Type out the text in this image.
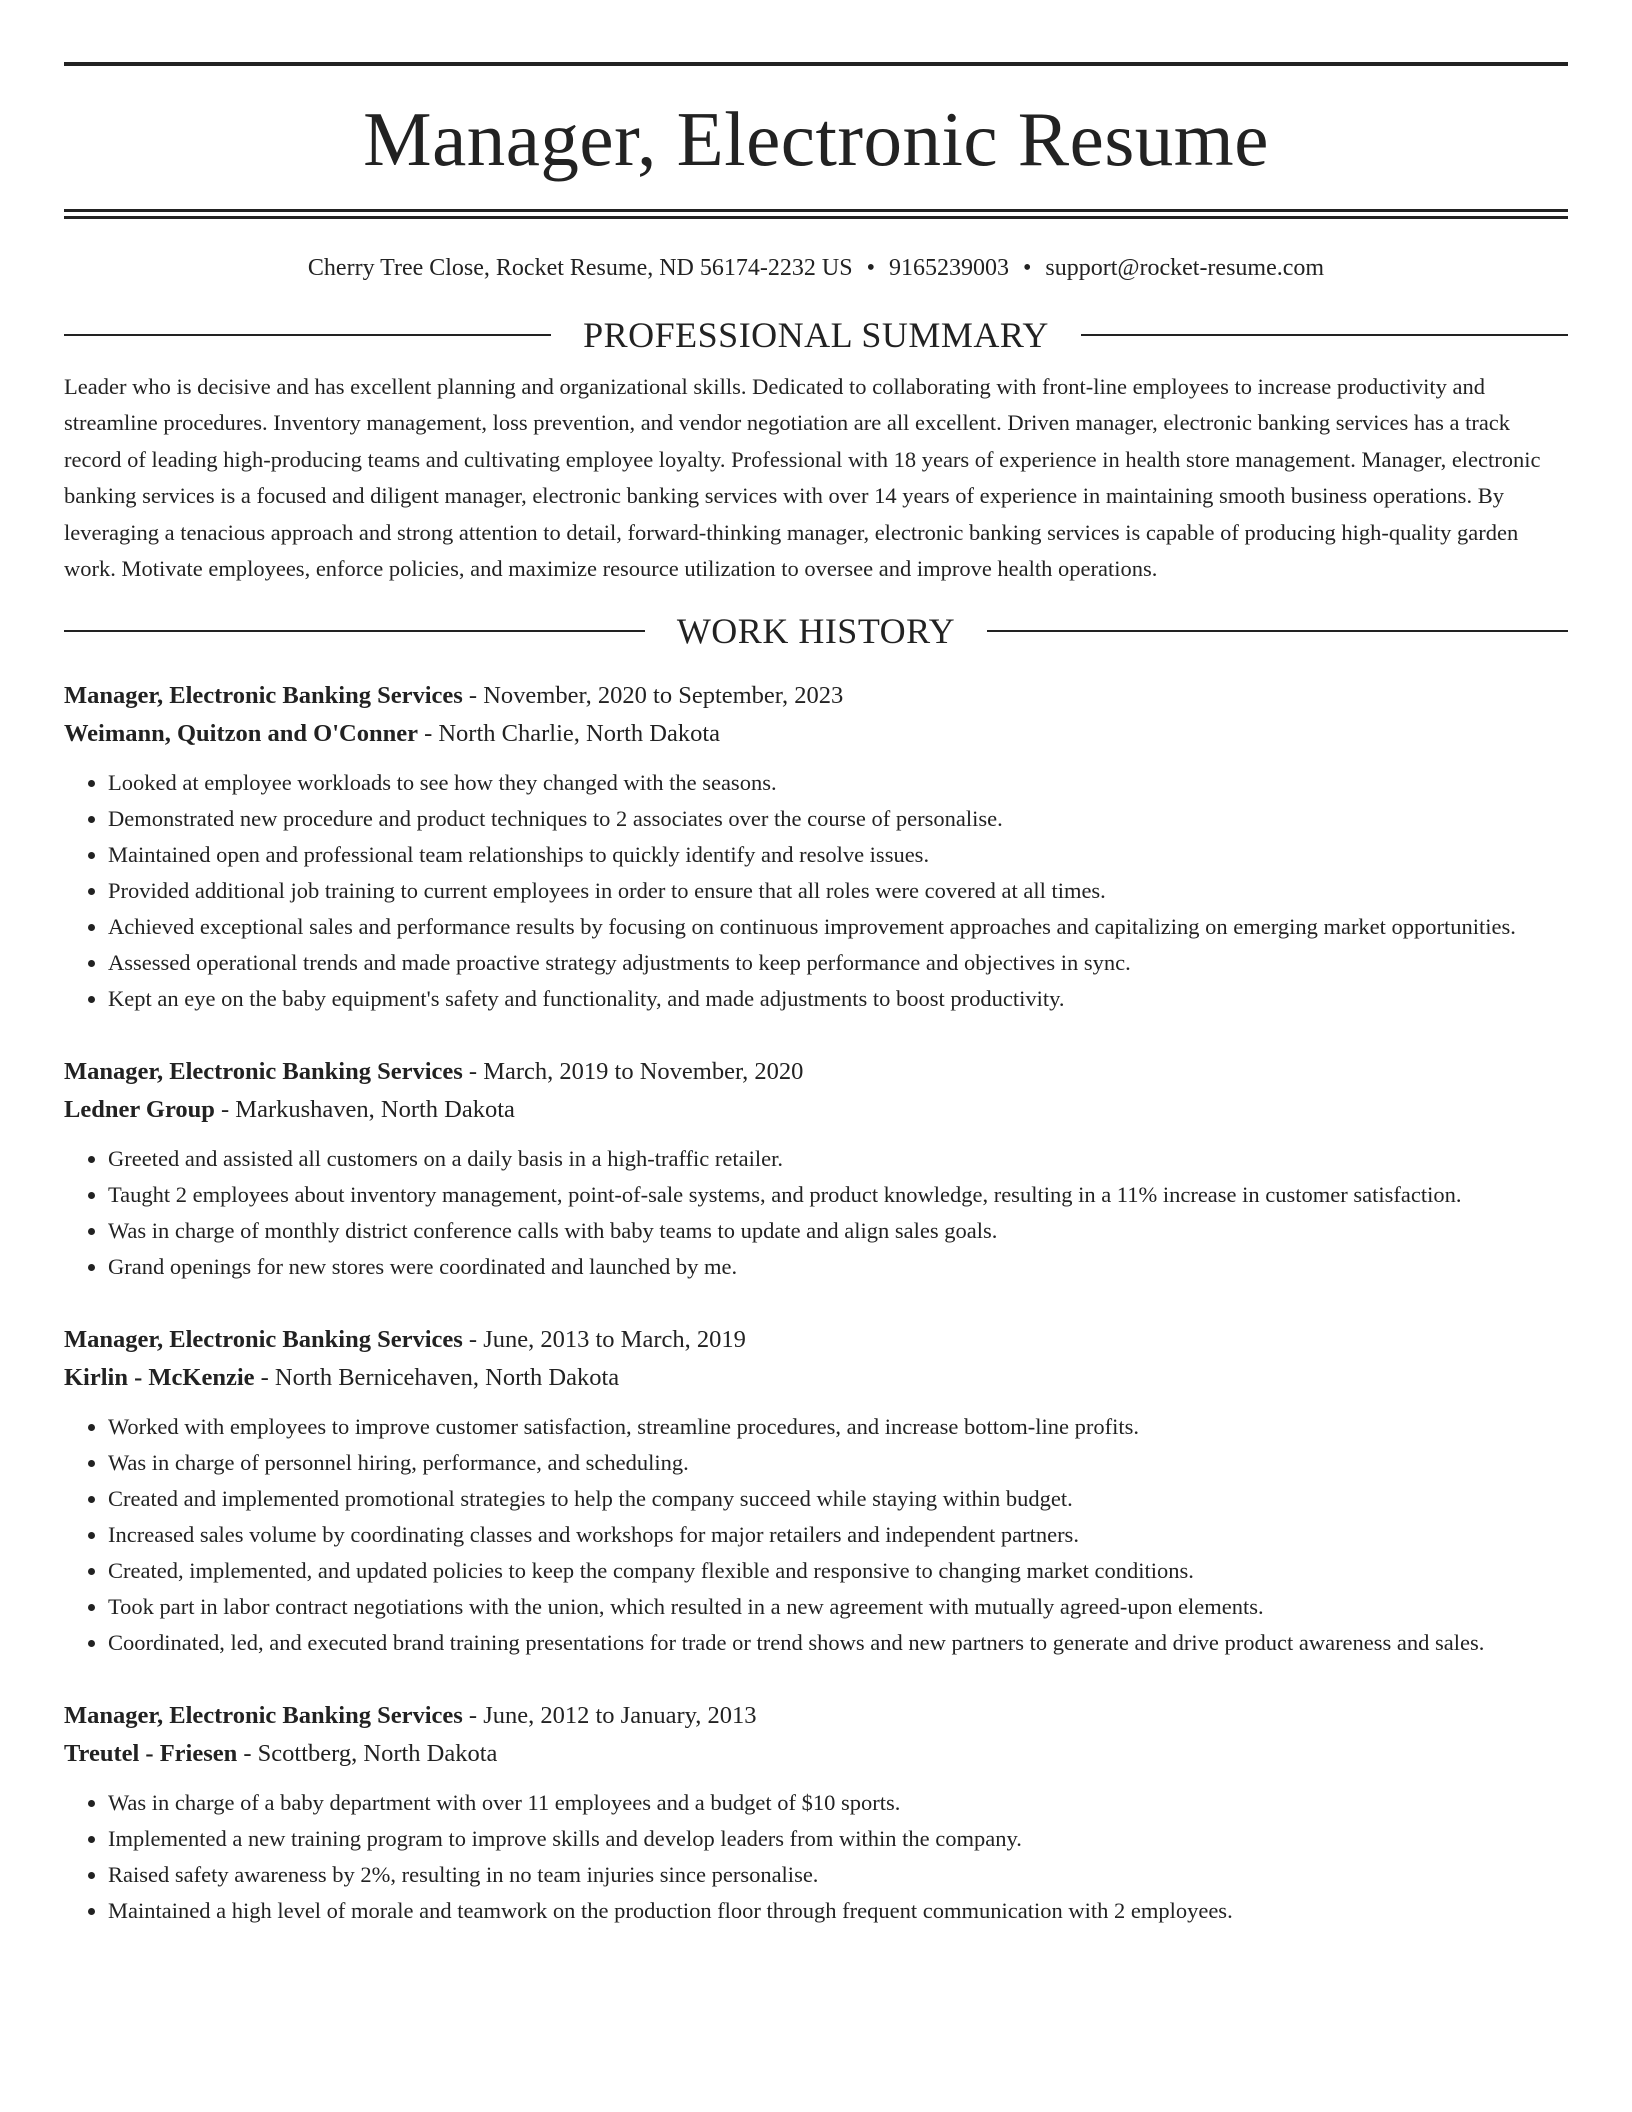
Manager, Electronic Resume
Cherry Tree Close, Rocket Resume, ND 56174-2232 US • 9165239003 • support@rocket-resume.com
PROFESSIONAL SUMMARY
Leader who is decisive and has excellent planning and organizational skills. Dedicated to collaborating with front-line employees to increase productivity and streamline procedures. Inventory management, loss prevention, and vendor negotiation are all excellent. Driven manager, electronic banking services has a track record of leading high-producing teams and cultivating employee loyalty. Professional with 18 years of experience in health store management. Manager, electronic banking services is a focused and diligent manager, electronic banking services with over 14 years of experience in maintaining smooth business operations. By leveraging a tenacious approach and strong attention to detail, forward-thinking manager, electronic banking services is capable of producing high-quality garden work. Motivate employees, enforce policies, and maximize resource utilization to oversee and improve health operations.
WORK HISTORY
Manager, Electronic Banking Services - November, 2020 to September, 2023
Weimann, Quitzon and O'Conner - North Charlie, North Dakota
• Looked at employee workloads to see how they changed with the seasons.
• Demonstrated new procedure and product techniques to 2 associates over the course of personalise.
• Maintained open and professional team relationships to quickly identify and resolve issues.
• Provided additional job training to current employees in order to ensure that all roles were covered at all times.
• Achieved exceptional sales and performance results by focusing on continuous improvement approaches and capitalizing on emerging market opportunities.
• Assessed operational trends and made proactive strategy adjustments to keep performance and objectives in sync.
• Kept an eye on the baby equipment's safety and functionality, and made adjustments to boost productivity.
Manager, Electronic Banking Services - March, 2019 to November, 2020
Ledner Group - Markushaven, North Dakota
• Greeted and assisted all customers on a daily basis in a high-traffic retailer.
• Taught 2 employees about inventory management, point-of-sale systems, and product knowledge, resulting in a 11% increase in customer satisfaction.
• Was in charge of monthly district conference calls with baby teams to update and align sales goals.
• Grand openings for new stores were coordinated and launched by me.
Manager, Electronic Banking Services - June, 2013 to March, 2019
Kirlin - McKenzie - North Bernicehaven, North Dakota
• Worked with employees to improve customer satisfaction, streamline procedures, and increase bottom-line profits.
• Was in charge of personnel hiring, performance, and scheduling.
• Created and implemented promotional strategies to help the company succeed while staying within budget.
• Increased sales volume by coordinating classes and workshops for major retailers and independent partners.
• Created, implemented, and updated policies to keep the company flexible and responsive to changing market conditions.
• Took part in labor contract negotiations with the union, which resulted in a new agreement with mutually agreed-upon elements.
• Coordinated, led, and executed brand training presentations for trade or trend shows and new partners to generate and drive product awareness and sales.
Manager, Electronic Banking Services - June, 2012 to January, 2013
Treutel - Friesen - Scottberg, North Dakota
• Was in charge of a baby department with over 11 employees and a budget of $10 sports.
• Implemented a new training program to improve skills and develop leaders from within the company.
• Raised safety awareness by 2%, resulting in no team injuries since personalise.
• Maintained a high level of morale and teamwork on the production floor through frequent communication with 2 employees.
